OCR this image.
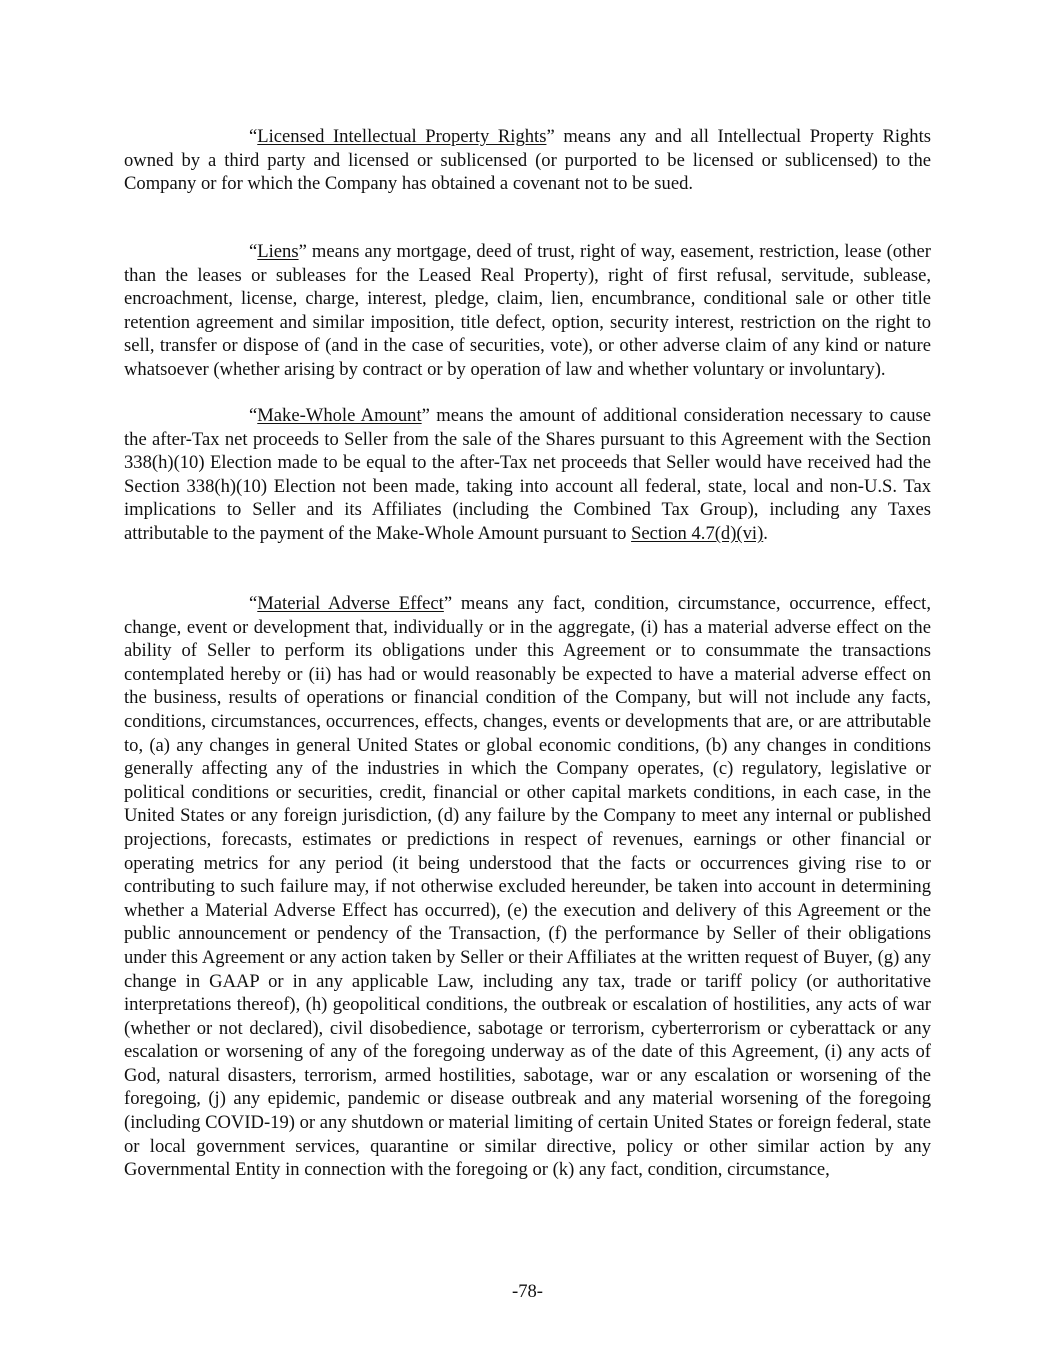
“Licensed Intellectual Property Rights” means any and all Intellectual Property Rights owned by a third party and licensed or sublicensed (or purported to be licensed or sublicensed) to the Company or for which the Company has obtained a covenant not to be sued.

“Liens” means any mortgage, deed of trust, right of way, easement, restriction, lease (other than the leases or subleases for the Leased Real Property), right of first refusal, servitude, sublease, encroachment, license, charge, interest, pledge, claim, lien, encumbrance, conditional sale or other title retention agreement and similar imposition, title defect, option, security interest, restriction on the right to sell, transfer or dispose of (and in the case of securities, vote), or other adverse claim of any kind or nature whatsoever (whether arising by contract or by operation of law and whether voluntary or involuntary).

“Make-Whole Amount” means the amount of additional consideration necessary to cause the after-Tax net proceeds to Seller from the sale of the Shares pursuant to this Agreement with the Section 338(h)(10) Election made to be equal to the after-Tax net proceeds that Seller would have received had the Section 338(h)(10) Election not been made, taking into account all federal, state, local and non-U.S. Tax implications to Seller and its Affiliates (including the Combined Tax Group), including any Taxes attributable to the payment of the Make-Whole Amount pursuant to Section 4.7(d)(vi).

“Material Adverse Effect” means any fact, condition, circumstance, occurrence, effect, change, event or development that, individually or in the aggregate, (i) has a material adverse effect on the ability of Seller to perform its obligations under this Agreement or to consummate the transactions contemplated hereby or (ii) has had or would reasonably be expected to have a material adverse effect on the business, results of operations or financial condition of the Company, but will not include any facts, conditions, circumstances, occurrences, effects, changes, events or developments that are, or are attributable to, (a) any changes in general United States or global economic conditions, (b) any changes in conditions generally affecting any of the industries in which the Company operates, (c) regulatory, legislative or political conditions or securities, credit, financial or other capital markets conditions, in each case, in the United States or any foreign jurisdiction, (d) any failure by the Company to meet any internal or published projections, forecasts, estimates or predictions in respect of revenues, earnings or other financial or operating metrics for any period (it being understood that the facts or occurrences giving rise to or contributing to such failure may, if not otherwise excluded hereunder, be taken into account in determining whether a Material Adverse Effect has occurred), (e) the execution and delivery of this Agreement or the public announcement or pendency of the Transaction, (f) the performance by Seller of their obligations under this Agreement or any action taken by Seller or their Affiliates at the written request of Buyer, (g) any change in GAAP or in any applicable Law, including any tax, trade or tariff policy (or authoritative interpretations thereof), (h) geopolitical conditions, the outbreak or escalation of hostilities, any acts of war (whether or not declared), civil disobedience, sabotage or terrorism, cyberterrorism or cyberattack or any escalation or worsening of any of the foregoing underway as of the date of this Agreement, (i) any acts of God, natural disasters, terrorism, armed hostilities, sabotage, war or any escalation or worsening of the foregoing, (j) any epidemic, pandemic or disease outbreak and any material worsening of the foregoing (including COVID-19) or any shutdown or material limiting of certain United States or foreign federal, state or local government services, quarantine or similar directive, policy or other similar action by any Governmental Entity in connection with the foregoing or (k) any fact, condition, circumstance,

-78-
